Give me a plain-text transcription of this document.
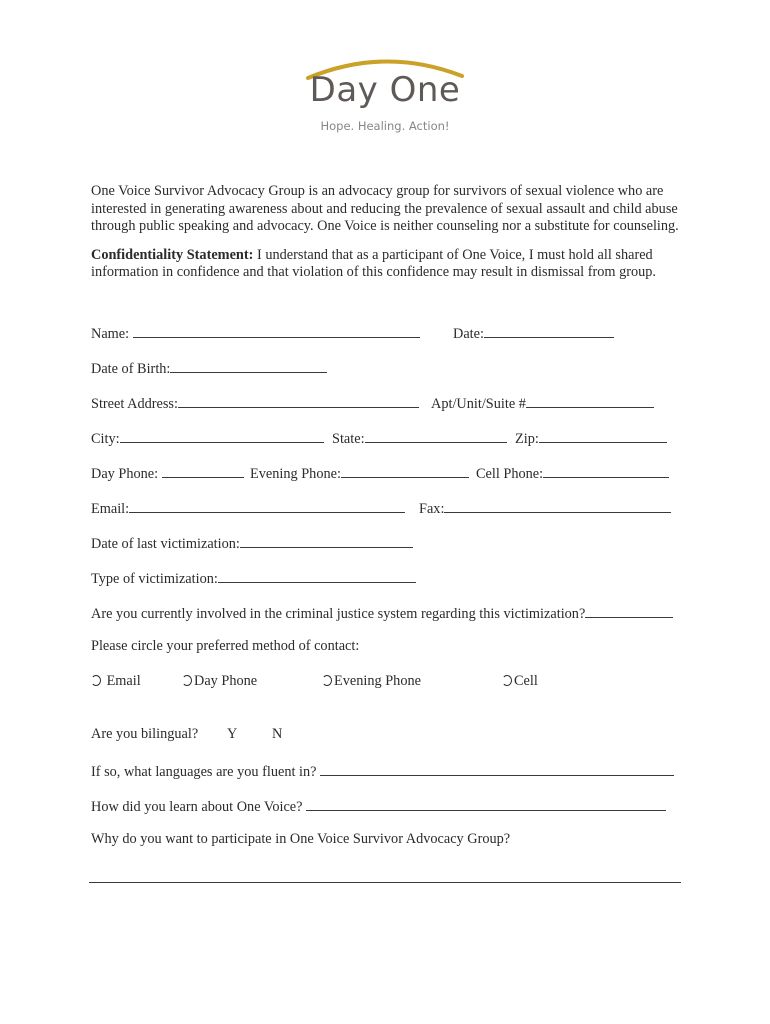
Day One
Hope. Healing. Action!

One Voice Survivor Advocacy Group is an advocacy group for survivors of sexual violence who are interested in generating awareness about and reducing the prevalence of sexual assault and child abuse through public speaking and advocacy. One Voice is neither counseling nor a substitute for counseling.

Confidentiality Statement: I understand that as a participant of One Voice, I must hold all shared information in confidence and that violation of this confidence may result in dismissal from group.

Name:	Date:
Date of Birth:
Street Address:	Apt/Unit/Suite #
City:	State:	Zip:
Day Phone:	Evening Phone:	Cell Phone:
Email:	Fax:
Date of last victimization:
Type of victimization:
Are you currently involved in the criminal justice system regarding this victimization?
Please circle your preferred method of contact:
Email	Day Phone	Evening Phone	Cell
Are you bilingual? Y N
If so, what languages are you fluent in?
How did you learn about One Voice?
Why do you want to participate in One Voice Survivor Advocacy Group?
